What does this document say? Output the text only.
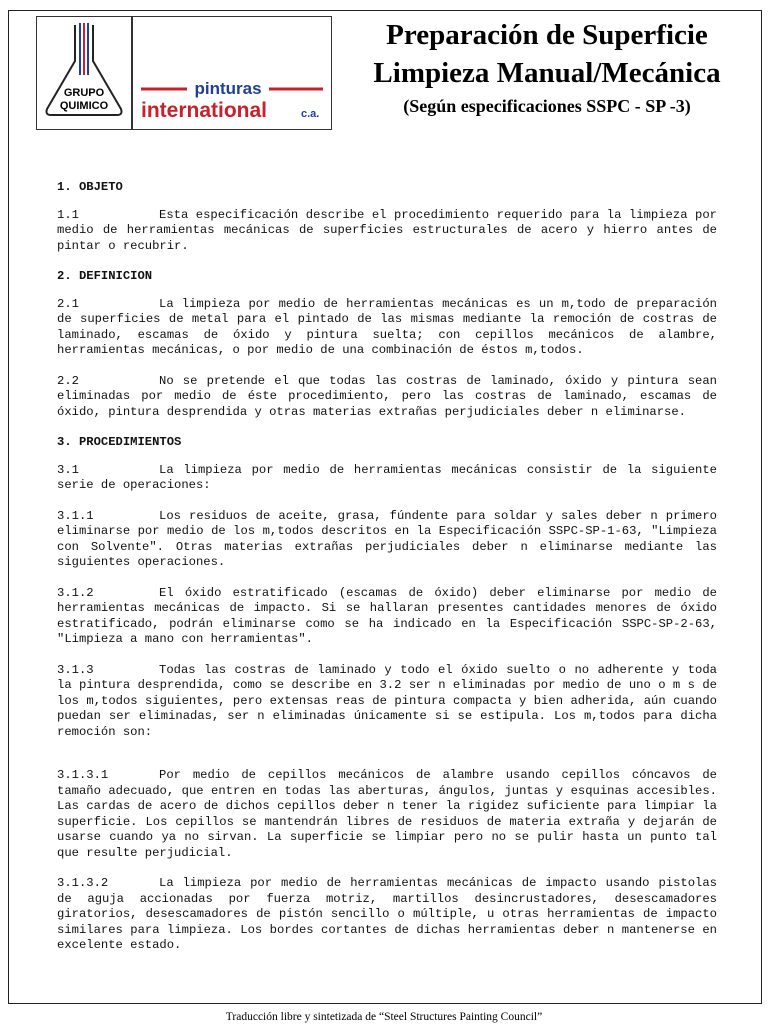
GRUPO
QUIMICO
pinturas
international	c.a.
Preparación de Superficie
Limpieza Manual/Mecánica
(Según especificaciones SSPC - SP -3)
1. OBJETO
1.1	Esta especificación describe el procedimiento requerido para la limpieza por medio de herramientas mecánicas de superficies estructurales de acero y hierro antes de pintar o recubrir.
2. DEFINICION
2.1	La limpieza por medio de herramientas mecánicas es un m,todo de preparación de superficies de metal para el pintado de las mismas mediante la remoción de costras de laminado, escamas de óxido y pintura suelta; con cepillos mecánicos de alambre, herramientas mecánicas, o por medio de una combinación de éstos m,todos.
2.2	No se pretende el que todas las costras de laminado, óxido y pintura sean eliminadas por medio de éste procedimiento, pero las costras de laminado, escamas de óxido, pintura desprendida y otras materias extrañas perjudiciales deber n eliminarse.
3. PROCEDIMIENTOS
3.1	La limpieza por medio de herramientas mecánicas consistir de la siguiente serie de operaciones:
3.1.1	Los residuos de aceite, grasa, fúndente para soldar y sales deber n primero eliminarse por medio de los m,todos descritos en la Especificación SSPC-SP-1-63, "Limpieza con Solvente". Otras materias extrañas perjudiciales deber n eliminarse mediante las siguientes operaciones.
3.1.2	El óxido estratificado (escamas de óxido) deber eliminarse por medio de herramientas mecánicas de impacto. Si se hallaran presentes cantidades menores de óxido estratificado, podrán eliminarse como se ha indicado en la Especificación SSPC-SP-2-63, "Limpieza a mano con herramientas".
3.1.3	Todas las costras de laminado y todo el óxido suelto o no adherente y toda la pintura desprendida, como se describe en 3.2 ser n eliminadas por medio de uno o m s de los m,todos siguientes, pero extensas reas de pintura compacta y bien adherida, aún cuando puedan ser eliminadas, ser n eliminadas únicamente si se estipula. Los m,todos para dicha remoción son:
3.1.3.1	Por medio de cepillos mecánicos de alambre usando cepillos cóncavos de tamaño adecuado, que entren en todas las aberturas, ángulos, juntas y esquinas accesibles. Las cardas de acero de dichos cepillos deber n tener la rigidez suficiente para limpiar la superficie. Los cepillos se mantendrán libres de residuos de materia extraña y dejarán de usarse cuando ya no sirvan. La superficie se limpiar pero no se pulir hasta un punto tal que resulte perjudicial.
3.1.3.2	La limpieza por medio de herramientas mecánicas de impacto usando pistolas de aguja accionadas por fuerza motriz, martillos desincrustadores, desescamadores giratorios, desescamadores de pistón sencillo o múltiple, u otras herramientas de impacto similares para limpieza. Los bordes cortantes de dichas herramientas deber n mantenerse en excelente estado.
Traducción libre y sintetizada de “Steel Structures Painting Council”
